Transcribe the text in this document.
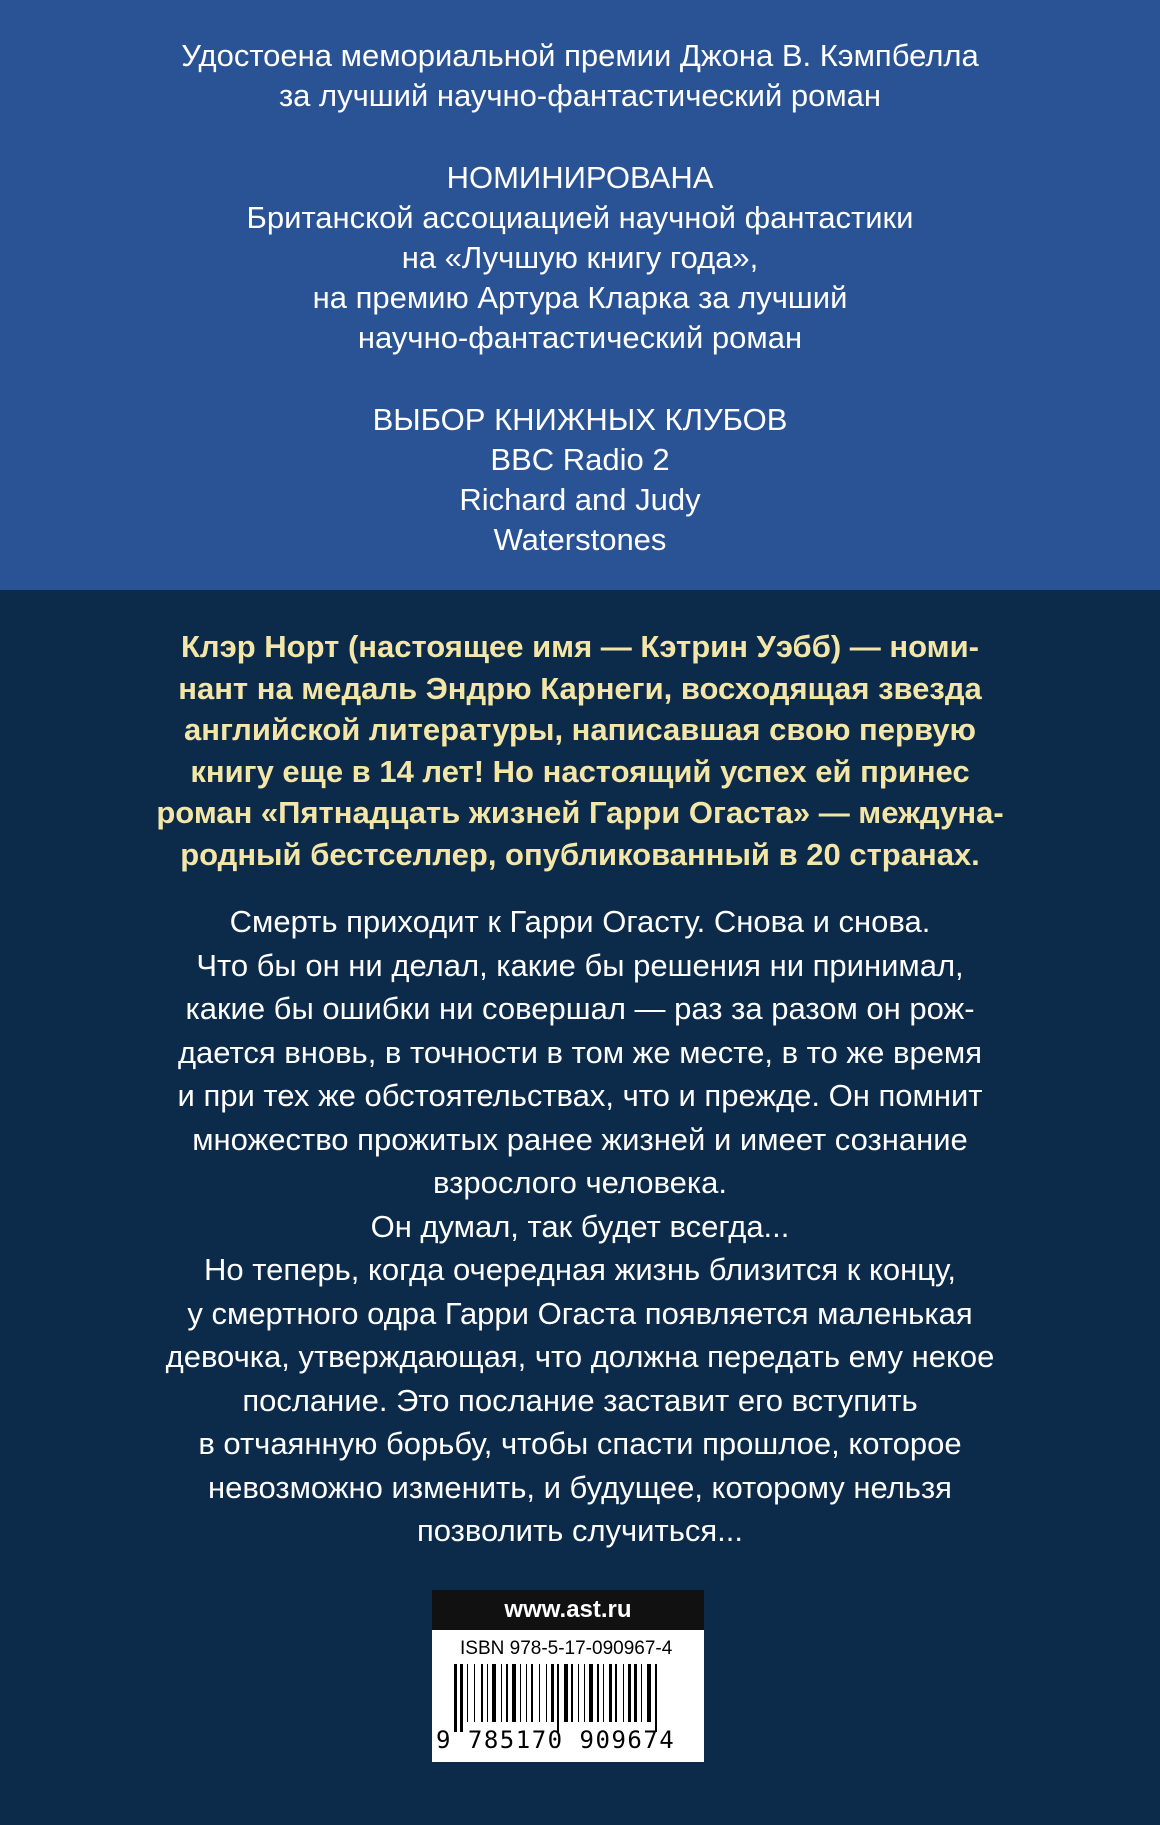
Удостоена мемориальной премии Джона В. Кэмпбелла
за лучший научно-фантастический роман
НОМИНИРОВАНА
Британской ассоциацией научной фантастики
на «Лучшую книгу года»,
на премию Артура Кларка за лучший
научно-фантастический роман
ВЫБОР КНИЖНЫХ КЛУБОВ
BBC Radio 2
Richard and Judy
Waterstones
Клэр Норт (настоящее имя — Кэтрин Уэбб) — номи-
нант на медаль Эндрю Карнеги, восходящая звезда
английской литературы, написавшая свою первую
книгу еще в 14 лет! Но настоящий успех ей принес
роман «Пятнадцать жизней Гарри Огаста» — междуна-
родный бестселлер, опубликованный в 20 странах.
Смерть приходит к Гарри Огасту. Снова и снова.
Что бы он ни делал, какие бы решения ни принимал,
какие бы ошибки ни совершал — раз за разом он рож-
дается вновь, в точности в том же месте, в то же время
и при тех же обстоятельствах, что и прежде. Он помнит
множество прожитых ранее жизней и имеет сознание
взрослого человека.
Он думал, так будет всегда...
Но теперь, когда очередная жизнь близится к концу,
у смертного одра Гарри Огаста появляется маленькая
девочка, утверждающая, что должна передать ему некое
послание. Это послание заставит его вступить
в отчаянную борьбу, чтобы спасти прошлое, которое
невозможно изменить, и будущее, которому нельзя
позволить случиться...
www.ast.ru
ISBN 978-5-17-090967-4
9 785170 909674
